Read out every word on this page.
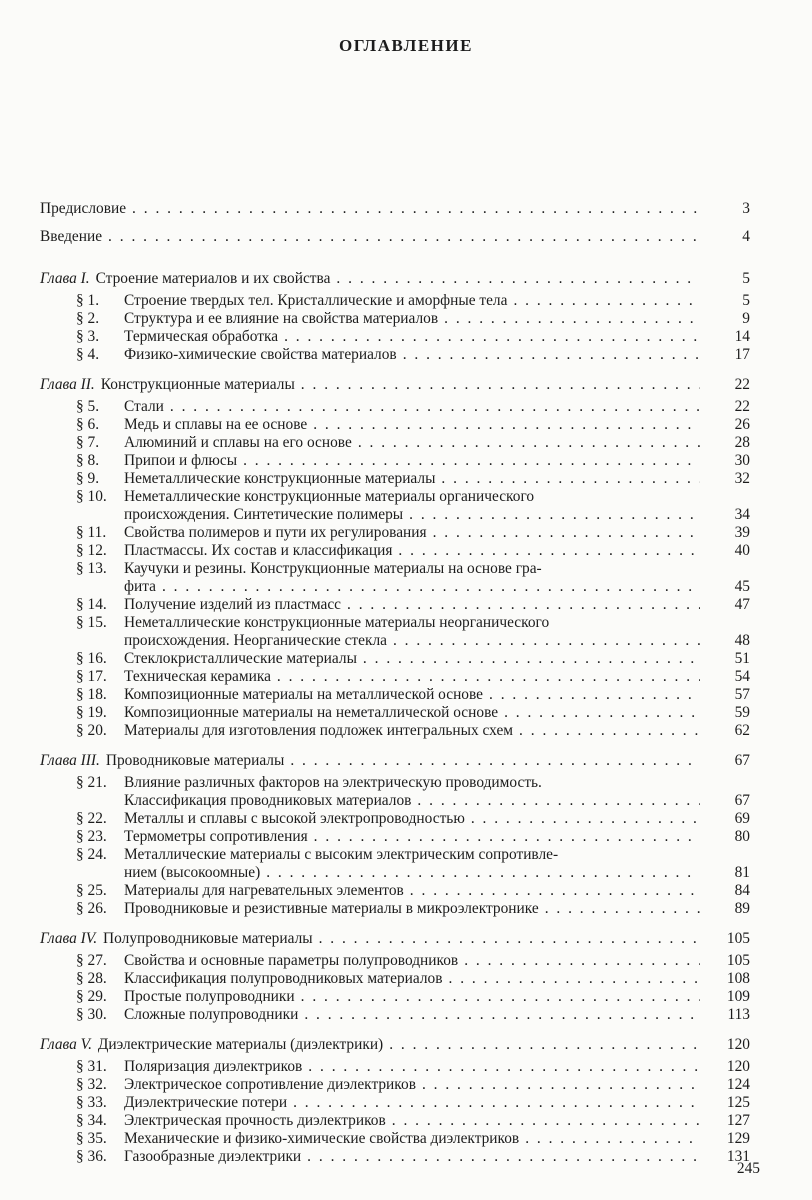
ОГЛАВЛЕНИЕ
Предисловие . . .	3
Введение . . .	4
Глава I. Строение материалов и их свойства . . .	5
§ 1.	Строение твердых тел. Кристаллические и аморфные тела . . .	5
§ 2.	Структура и ее влияние на свойства материалов . . .	9
§ 3.	Термическая обработка . . .	14
§ 4.	Физико-химические свойства материалов . . .	17
Глава II. Конструкционные материалы . . .	22
§ 5.	Стали . . .	22
§ 6.	Медь и сплавы на ее основе . . .	26
§ 7.	Алюминий и сплавы на его основе . . .	28
§ 8.	Припои и флюсы . . .	30
§ 9.	Неметаллические конструкционные материалы . . .	32
§ 10.	Неметаллические конструкционные материалы органического
происхождения. Синтетические полимеры . . .	34
§ 11.	Свойства полимеров и пути их регулирования . . .	39
§ 12.	Пластмассы. Их состав и классификация . . .	40
§ 13.	Каучуки и резины. Конструкционные материалы на основе гра-
фита . . .	45
§ 14.	Получение изделий из пластмасс . . .	47
§ 15.	Неметаллические конструкционные материалы неорганического
происхождения. Неорганические стекла . . .	48
§ 16.	Стеклокристаллические материалы . . .	51
§ 17.	Техническая керамика . . .	54
§ 18.	Композиционные материалы на металлической основе . . .	57
§ 19.	Композиционные материалы на неметаллической основе . . .	59
§ 20.	Материалы для изготовления подложек интегральных схем . . .	62
Глава III. Проводниковые материалы . . .	67
§ 21.	Влияние различных факторов на электрическую проводимость.
Классификация проводниковых материалов . . .	67
§ 22.	Металлы и сплавы с высокой электропроводностью . . .	69
§ 23.	Термометры сопротивления . . .	80
§ 24.	Металлические материалы с высоким электрическим сопротивле-
нием (высокоомные) . . .	81
§ 25.	Материалы для нагревательных элементов . . .	84
§ 26.	Проводниковые и резистивные материалы в микроэлектронике . . .	89
Глава IV. Полупроводниковые материалы . . .	105
§ 27.	Свойства и основные параметры полупроводников . . .	105
§ 28.	Классификация полупроводниковых материалов . . .	108
§ 29.	Простые полупроводники . . .	109
§ 30.	Сложные полупроводники . . .	113
Глава V. Диэлектрические материалы (диэлектрики) . . .	120
§ 31.	Поляризация диэлектриков . . .	120
§ 32.	Электрическое сопротивление диэлектриков . . .	124
§ 33.	Диэлектрические потери . . .	125
§ 34.	Электрическая прочность диэлектриков . . .	127
§ 35.	Механические и физико-химические свойства диэлектриков . . .	129
§ 36.	Газообразные диэлектрики . . .	131
245
